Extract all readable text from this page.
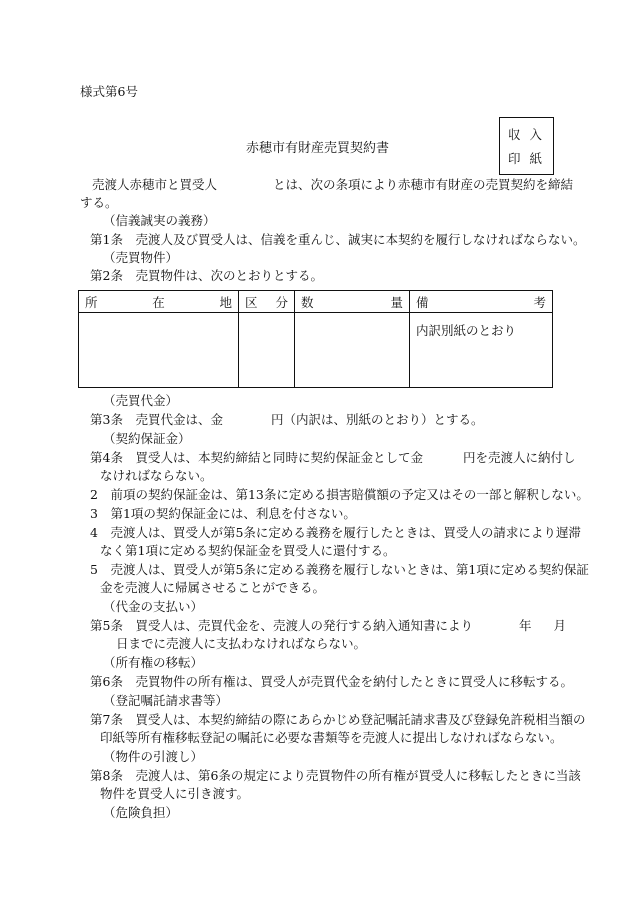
様式第6号
赤穂市有財産売買契約書
収入
印紙
売渡人赤穂市と買受人	とは、次の条項により赤穂市有財産の売買契約を締結
する。
（信義誠実の義務）
第1条　売渡人及び買受人は、信義を重んじ、誠実に本契約を履行しなければならない。
（売買物件）
第2条　売買物件は、次のとおりとする。
所 在 地	区 分	数 量	備 考

			内訳別紙のとおり
（売買代金）
第3条　売買代金は、金	円（内訳は、別紙のとおり）とする。
（契約保証金）
第4条　買受人は、本契約締結と同時に契約保証金として金	円を売渡人に納付し
なければならない。
2　前項の契約保証金は、第13条に定める損害賠償額の予定又はその一部と解釈しない。
3　第1項の契約保証金には、利息を付さない。
4　売渡人は、買受人が第5条に定める義務を履行したときは、買受人の請求により遅滞
なく第1項に定める契約保証金を買受人に還付する。
5　売渡人は、買受人が第5条に定める義務を履行しないときは、第1項に定める契約保証
金を売渡人に帰属させることができる。
（代金の支払い）
第5条　買受人は、売買代金を、売渡人の発行する納入通知書により	年 月
日までに売渡人に支払わなければならない。
（所有権の移転）
第6条　売買物件の所有権は、買受人が売買代金を納付したときに買受人に移転する。
（登記嘱託請求書等）
第7条　買受人は、本契約締結の際にあらかじめ登記嘱託請求書及び登録免許税相当額の
印紙等所有権移転登記の嘱託に必要な書類等を売渡人に提出しなければならない。
（物件の引渡し）
第8条　売渡人は、第6条の規定により売買物件の所有権が買受人に移転したときに当該
物件を買受人に引き渡す。
（危険負担）
